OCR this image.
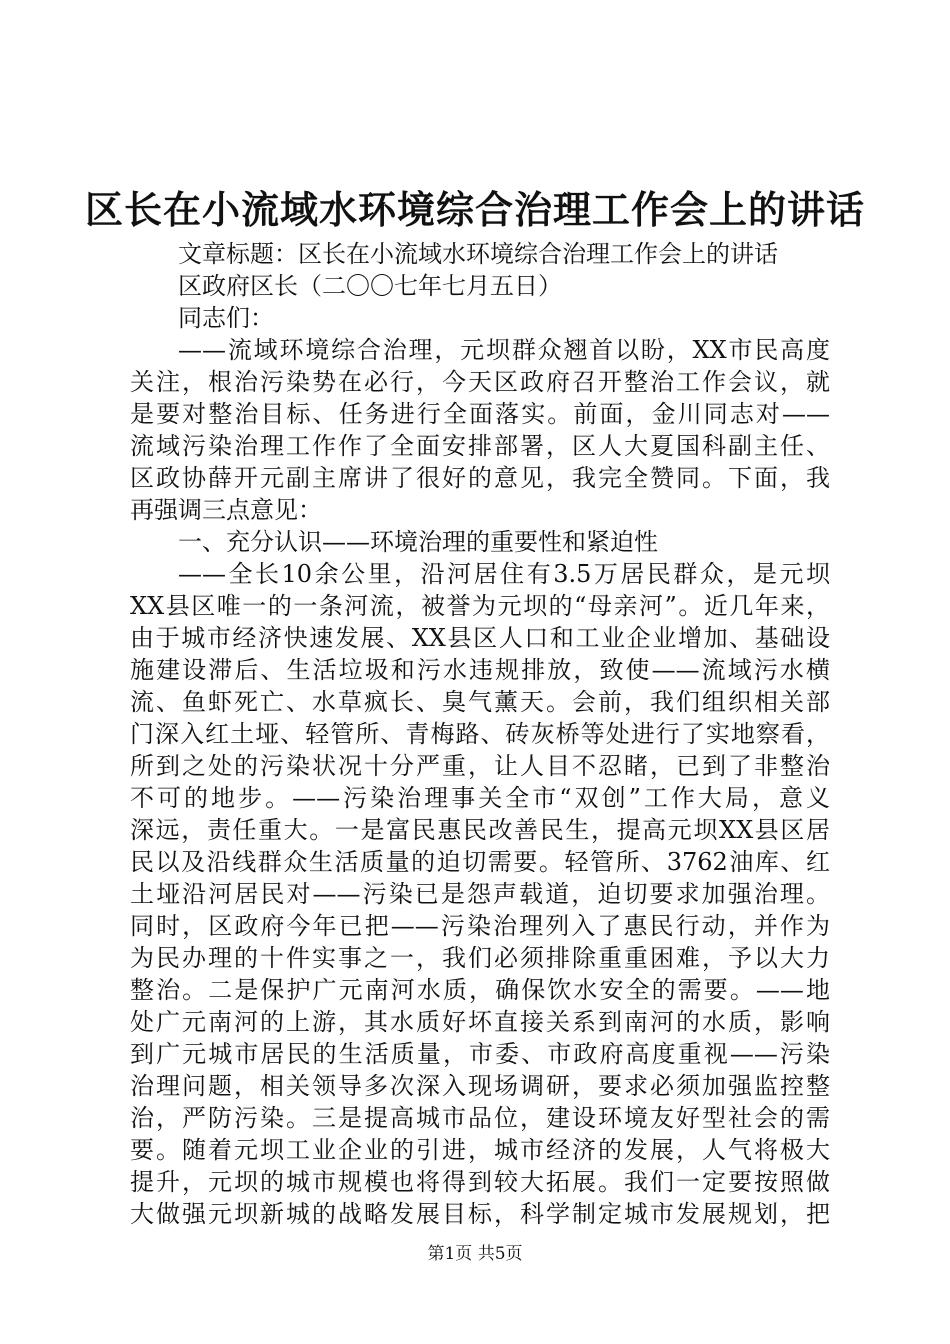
区长在小流域水环境综合治理工作会上的讲话
文章标题：区长在小流域水环境综合治理工作会上的讲话
区政府区长（二〇〇七年七月五日）
同志们：
——流域环境综合治理，元坝群众翘首以盼，XX市民高度
关注，根治污染势在必行，今天区政府召开整治工作会议，就
是要对整治目标、任务进行全面落实。前面，金川同志对——
流域污染治理工作作了全面安排部署，区人大夏国科副主任、
区政协薛开元副主席讲了很好的意见，我完全赞同。下面，我
再强调三点意见：
一、充分认识——环境治理的重要性和紧迫性
——全长10余公里，沿河居住有3.5万居民群众，是元坝
XX县区唯一的一条河流，被誉为元坝的“母亲河”。近几年来，
由于城市经济快速发展、XX县区人口和工业企业增加、基础设
施建设滞后、生活垃圾和污水违规排放，致使——流域污水横
流、鱼虾死亡、水草疯长、臭气薰天。会前，我们组织相关部
门深入红土垭、轻管所、青梅路、砖灰桥等处进行了实地察看，
所到之处的污染状况十分严重，让人目不忍睹，已到了非整治
不可的地步。——污染治理事关全市“双创”工作大局，意义
深远，责任重大。一是富民惠民改善民生，提高元坝XX县区居
民以及沿线群众生活质量的迫切需要。轻管所、3762油库、红
土垭沿河居民对——污染已是怨声载道，迫切要求加强治理。
同时，区政府今年已把——污染治理列入了惠民行动，并作为
为民办理的十件实事之一，我们必须排除重重困难，予以大力
整治。二是保护广元南河水质，确保饮水安全的需要。——地
处广元南河的上游，其水质好坏直接关系到南河的水质，影响
到广元城市居民的生活质量，市委、市政府高度重视——污染
治理问题，相关领导多次深入现场调研，要求必须加强监控整
治，严防污染。三是提高城市品位，建设环境友好型社会的需
要。随着元坝工业企业的引进，城市经济的发展，人气将极大
提升，元坝的城市规模也将得到较大拓展。我们一定要按照做
大做强元坝新城的战略发展目标，科学制定城市发展规划，把
第1页 共5页
